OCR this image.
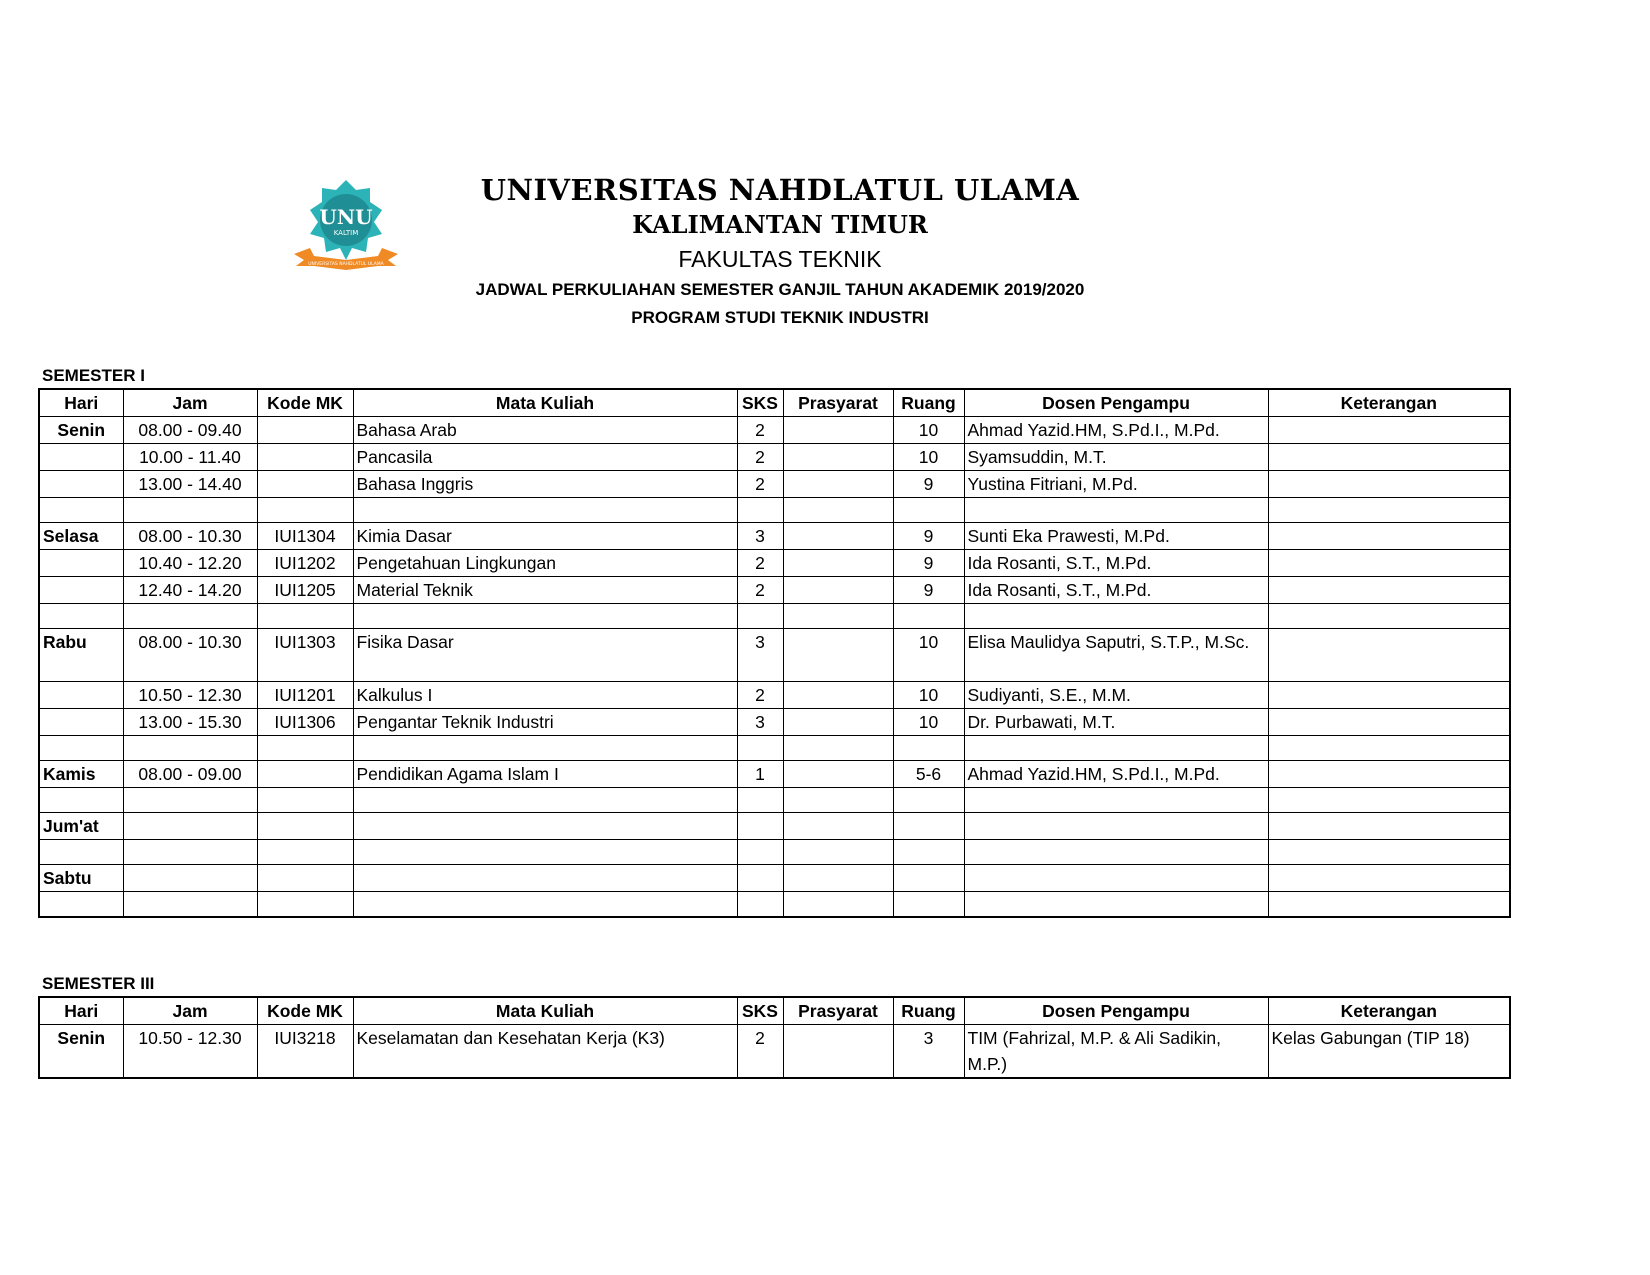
UNU
KALTIM
UNIVERSITAS NAHDLATUL ULAMA
UNIVERSITAS NAHDLATUL ULAMA
KALIMANTAN TIMUR
FAKULTAS TEKNIK
JADWAL PERKULIAHAN SEMESTER GANJIL TAHUN AKADEMIK 2019/2020
PROGRAM STUDI TEKNIK INDUSTRI
SEMESTER I
Hari	Jam	Kode MK	Mata Kuliah	SKS	Prasyarat	Ruang	Dosen Pengampu	Keterangan
Senin	08.00 - 09.40		Bahasa Arab	2		10	Ahmad Yazid.HM, S.Pd.I., M.Pd.	
	10.00 - 11.40		Pancasila	2		10	Syamsuddin, M.T.	
	13.00 - 14.40		Bahasa Inggris	2		9	Yustina Fitriani, M.Pd.	

Selasa	08.00 - 10.30	IUI1304	Kimia Dasar	3		9	Sunti Eka Prawesti, M.Pd.	
	10.40 - 12.20	IUI1202	Pengetahuan Lingkungan	2		9	Ida Rosanti, S.T., M.Pd.	
	12.40 - 14.20	IUI1205	Material Teknik	2		9	Ida Rosanti, S.T., M.Pd.	

Rabu	08.00 - 10.30	IUI1303	Fisika Dasar	3		10	Elisa Maulidya Saputri, S.T.P., M.Sc.	
	10.50 - 12.30	IUI1201	Kalkulus I	2		10	Sudiyanti, S.E., M.M.	
	13.00 - 15.30	IUI1306	Pengantar Teknik Industri	3		10	Dr. Purbawati, M.T.	

Kamis	08.00 - 09.00		Pendidikan Agama Islam I	1		5-6	Ahmad Yazid.HM, S.Pd.I., M.Pd.	

Jum'at								

Sabtu								

SEMESTER III
Hari	Jam	Kode MK	Mata Kuliah	SKS	Prasyarat	Ruang	Dosen Pengampu	Keterangan
Senin	10.50 - 12.30	IUI3218	Keselamatan dan Kesehatan Kerja (K3)	2		3	TIM (Fahrizal, M.P. & Ali Sadikin, M.P.)	Kelas Gabungan (TIP 18)
